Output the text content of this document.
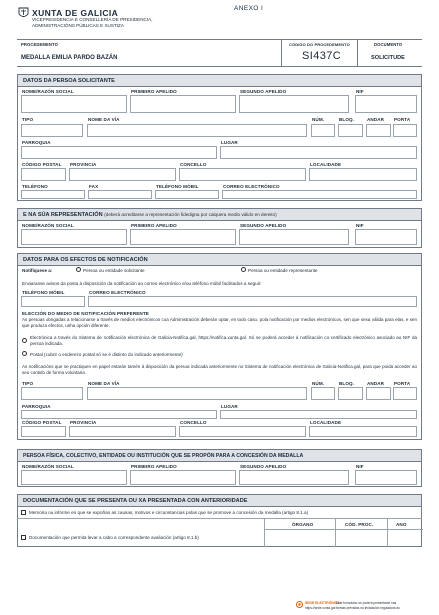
XUNTA DE GALICIA
VICEPRESIDENCIA E CONSELLERÍA DE PRESIDENCIA,
ADMINISTRACIÓNS PÚBLICAS E XUSTIZA
ANEXO I
PROCEDEMENTO
MEDALLA EMILIA PARDO BAZÁN
CÓDIGO DO PROCEDEMENTO
SI437C
DOCUMENTO
SOLICITUDE
DATOS DA PERSOA SOLICITANTE
NOME/RAZÓN SOCIAL	PRIMEIRO APELIDO	SEGUNDO APELIDO	NIF
TIPO	NOME DA VÍA	NÚM.	BLOQ.	ANDAR PORTA
PARROQUIA	LUGAR
CÓDIGO POSTAL PROVINCIA	CONCELLO	LOCALIDADE
TELÉFONO	FAX	TELÉFONO MÓBIL	CORREO ELECTRÓNICO
E NA SÚA REPRESENTACIÓN (deberá acreditarse a representación fidedigna por calquera medio válido en dereito)
NOME/RAZÓN SOCIAL	PRIMEIRO APELIDO	SEGUNDO APELIDO	NIF
DATOS PARA OS EFECTOS DE NOTIFICACIÓN
Notifíquese a:	Persoa ou entidade solicitante	Persoa ou entidade representante
Enviaranse avisos da posta á disposición da notificación ao correo electrónico e/ou teléfono móbil facilitados a seguir:
TELÉFONO MÓBIL	CORREO ELECTRÓNICO
ELECCIÓN DO MEDIO DE NOTIFICACIÓN PREFERENTE
As persoas obrigadas a relacionarse a través de medios electrónicos coa Administración deberán optar, en todo caso, pola notificación por medios electrónicos, sen que sexa válida para elas, e sen que produza efectos, unha opción diferente.
Electrónica a través do Sistema de notificación electrónica de Galicia-Notifica.gal, https://notifica.xunta.gal. Só se poderá acceder á notificación co certificado electrónico asociado ao NIF da persoa indicada.
Postal (cubrir o enderezo postal só se é distinto do indicado anteriormente)
As notificacións que se practiquen en papel estarán tamén á disposición da persoa indicada anteriormente no Sistema de notificación electrónica de Galicia-Notifica.gal, para que poida acceder ao seu contido de forma voluntaria.
TIPO	NOME DA VÍA	NÚM.	BLOQ.	ANDAR PORTA
PARROQUIA	LUGAR
CÓDIGO POSTAL PROVINCIA	CONCELLO	LOCALIDADE
PERSOA FÍSICA, COLECTIVO, ENTIDADE OU INSTITUCIÓN QUE SE PROPÓN PARA A CONCESIÓN DA MEDALLA
NOME/RAZÓN SOCIAL	PRIMEIRO APELIDO	SEGUNDO APELIDO	NIF
DOCUMENTACIÓN QUE SE PRESENTA OU XA PRESENTADA CON ANTERIORIDADE
Memoria ou informe en que se expoñan as causas, motivos e circunstancias polas que se promove a concesión da medalla (artigo 8.1.a)
ÓRGANO	CÓD. PROC.	ANO
Documentación que permita levar a cabo a correspondente avaliación (artigo 8.1.b)
SEDE ELECTRÓNICA
Este formulario só poderá presentarse nas
https://sede.xunta.gal formas previstas na lexislación reguladora do
